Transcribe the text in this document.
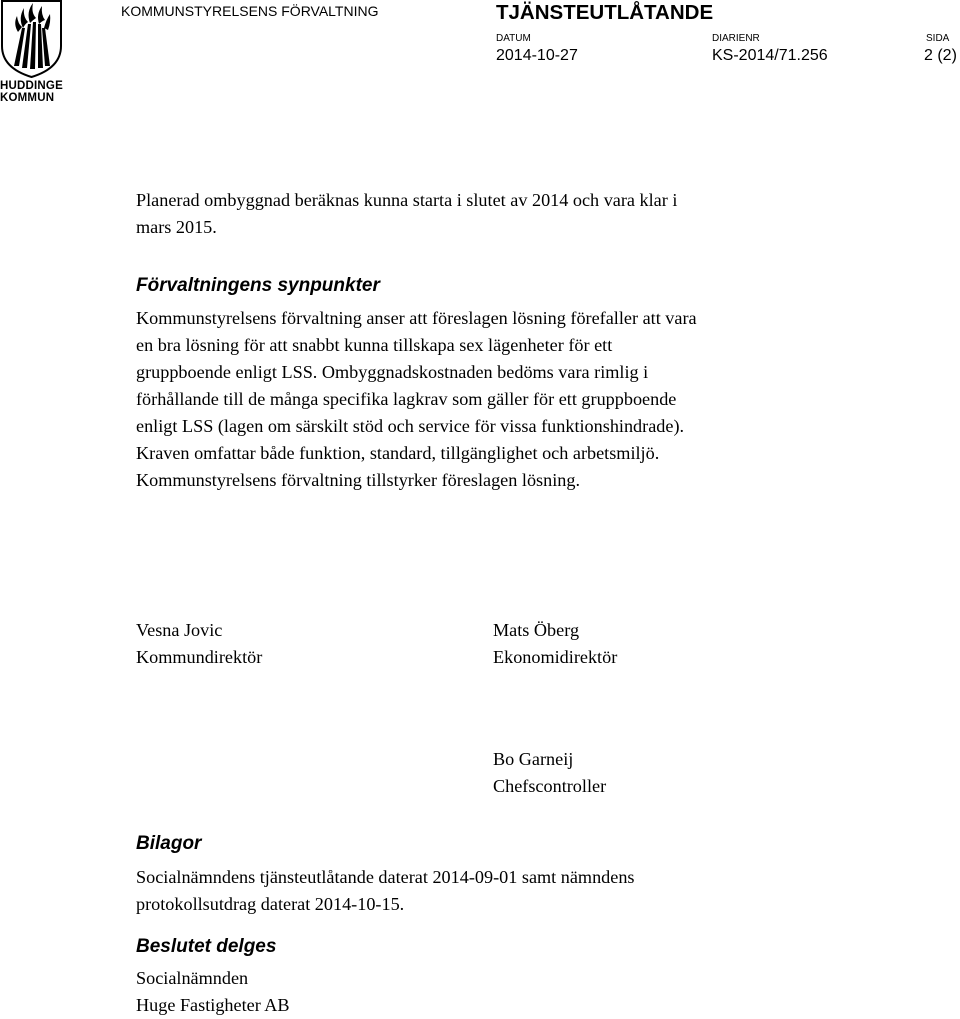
HUDDINGE
KOMMUN
KOMMUNSTYRELSENS FÖRVALTNING	TJÄNSTEUTLÅTANDE
DATUM
2014-10-27
DIARIENR
KS-2014/71.256
SIDA
2 (2)

Planerad ombyggnad beräknas kunna starta i slutet av 2014 och vara klar i

mars 2015.

Förvaltningens synpunkter

Kommunstyrelsens förvaltning anser att föreslagen lösning förefaller att vara

en bra lösning för att snabbt kunna tillskapa sex lägenheter för ett

gruppboende enligt LSS. Ombyggnadskostnaden bedöms vara rimlig i

förhållande till de många specifika lagkrav som gäller för ett gruppboende

enligt LSS (lagen om särskilt stöd och service för vissa funktionshindrade).

Kraven omfattar både funktion, standard, tillgänglighet och arbetsmiljö.

Kommunstyrelsens förvaltning tillstyrker föreslagen lösning.

Vesna Jovic
Kommundirektör
Mats Öberg
Ekonomidirektör
Bo Garneij
Chefscontroller

Bilagor

Socialnämndens tjänsteutlåtande daterat 2014-09-01 samt nämndens

protokollsutdrag daterat 2014-10-15.

Beslutet delges

Socialnämnden

Huge Fastigheter AB
